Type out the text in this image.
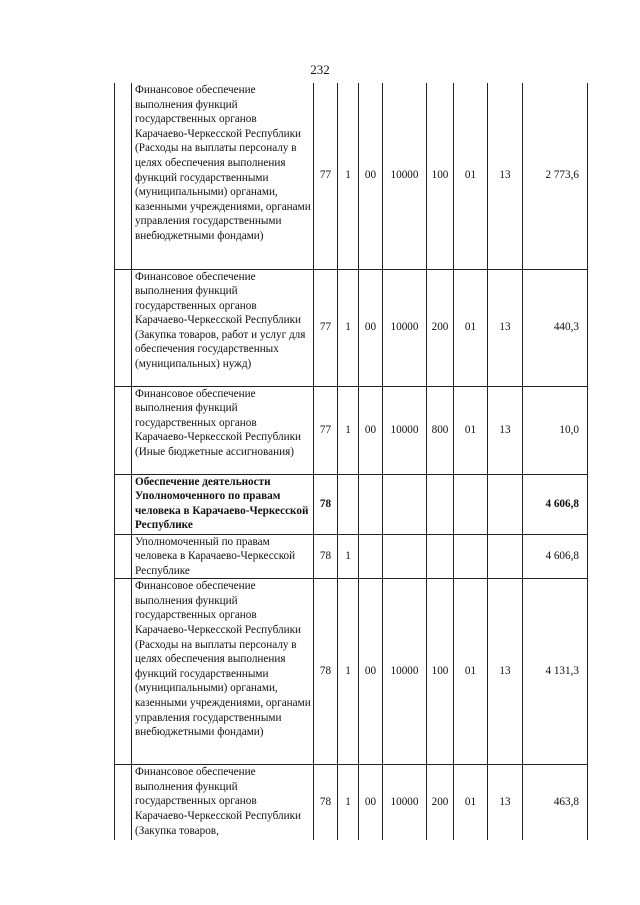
232
	Финансовое обеспечение выполнения функций государственных органов Карачаево-Черкесской Республики (Расходы на выплаты персоналу в целях обеспечения выполнения функций государственными (муниципальными) органами, казенными учреждениями, органами управления государственными внебюджетными фондами)	77	1	00	10000	100	01	13	2 773,6
	Финансовое обеспечение выполнения функций государственных органов Карачаево-Черкесской Республики (Закупка товаров, работ и услуг для обеспечения государственных (муниципальных) нужд)	77	1	00	10000	200	01	13	440,3
	Финансовое обеспечение выполнения функций государственных органов Карачаево-Черкесской Республики (Иные бюджетные ассигнования)	77	1	00	10000	800	01	13	10,0
	Обеспечение деятельности Уполномоченного по правам человека в Карачаево-Черкесской Республике	78							4 606,8
	Уполномоченный по правам человека в Карачаево-Черкесской Республике	78	1						4 606,8
	Финансовое обеспечение выполнения функций государственных органов Карачаево-Черкесской Республики (Расходы на выплаты персоналу в целях обеспечения выполнения функций государственными (муниципальными) органами, казенными учреждениями, органами управления государственными внебюджетными фондами)	78	1	00	10000	100	01	13	4 131,3
	Финансовое обеспечение выполнения функций государственных органов Карачаево-Черкесской Республики (Закупка товаров,	78	1	00	10000	200	01	13	463,8
